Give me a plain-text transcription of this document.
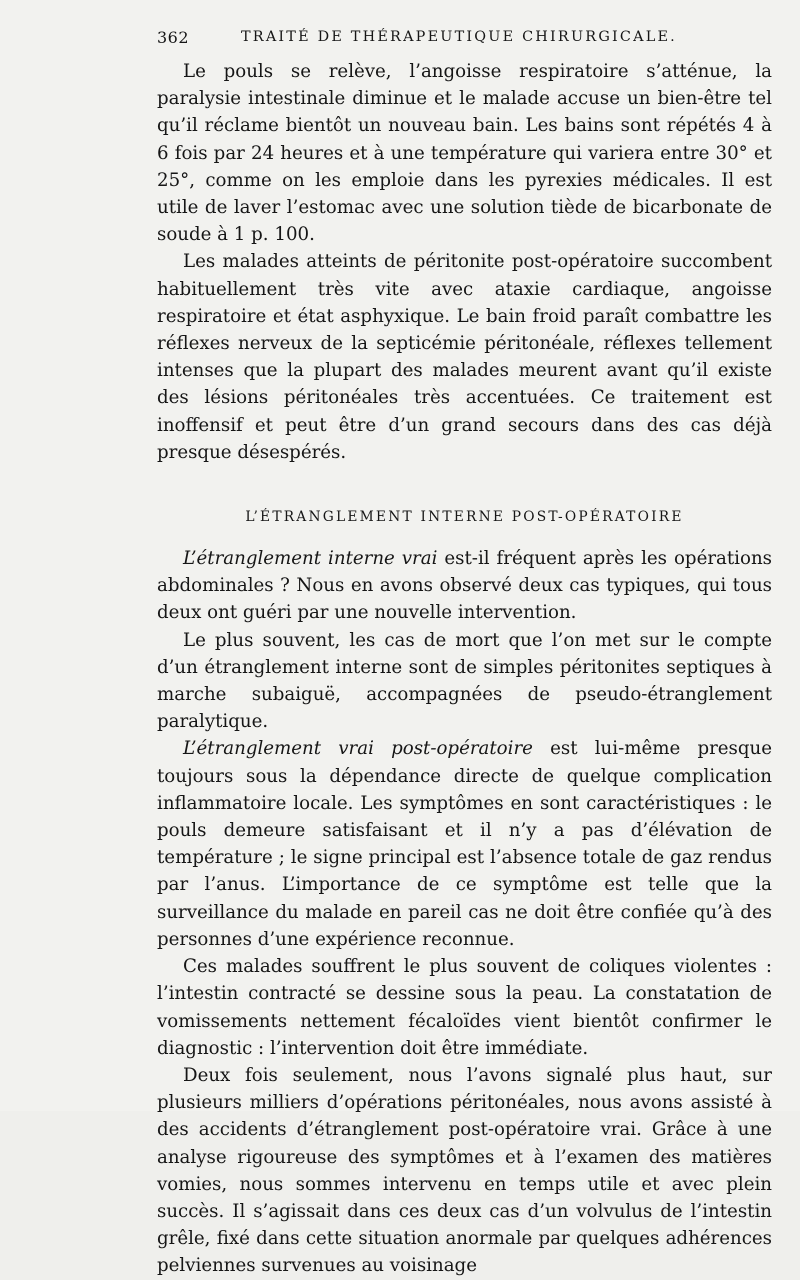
362	TRAITÉ DE THÉRAPEUTIQUE CHIRURGICALE.

Le pouls se relève, l’angoisse respiratoire s’atténue, la paralysie intestinale diminue et le malade accuse un bien-être tel qu’il réclame bientôt un nouveau bain. Les bains sont répétés 4 à 6 fois par 24 heures et à une température qui variera entre 30° et 25°, comme on les emploie dans les pyrexies médicales. Il est utile de laver l’estomac avec une solution tiède de bicarbonate de soude à 1 p. 100.

Les malades atteints de péritonite post-opératoire succombent habituellement très vite avec ataxie cardiaque, angoisse respiratoire et état asphyxique. Le bain froid paraît combattre les réflexes nerveux de la septicémie péritonéale, réflexes tellement intenses que la plupart des malades meurent avant qu’il existe des lésions péritonéales très accentuées. Ce traitement est inoffensif et peut être d’un grand secours dans des cas déjà presque désespérés.

L’ÉTRANGLEMENT INTERNE POST-OPÉRATOIRE

L’étranglement interne vrai est-il fréquent après les opérations abdominales ? Nous en avons observé deux cas typiques, qui tous deux ont guéri par une nouvelle intervention.

Le plus souvent, les cas de mort que l’on met sur le compte d’un étranglement interne sont de simples péritonites septiques à marche subaiguë, accompagnées de pseudo-étranglement paralytique.

L’étranglement vrai post-opératoire est lui-même presque toujours sous la dépendance directe de quelque complication inflammatoire locale. Les symptômes en sont caractéristiques : le pouls demeure satisfaisant et il n’y a pas d’élévation de température ; le signe principal est l’absence totale de gaz rendus par l’anus. L’importance de ce symptôme est telle que la surveillance du malade en pareil cas ne doit être confiée qu’à des personnes d’une expérience reconnue.

Ces malades souffrent le plus souvent de coliques violentes : l’intestin contracté se dessine sous la peau. La constatation de vomissements nettement fécaloïdes vient bientôt confirmer le diagnostic : l’intervention doit être immédiate.

Deux fois seulement, nous l’avons signalé plus haut, sur plusieurs milliers d’opérations péritonéales, nous avons assisté à des accidents d’étranglement post-opératoire vrai. Grâce à une analyse rigoureuse des symptômes et à l’examen des matières vomies, nous sommes intervenu en temps utile et avec plein succès. Il s’agissait dans ces deux cas d’un volvulus de l’intestin grêle, fixé dans cette situation anormale par quelques adhérences pelviennes survenues au voisinage
